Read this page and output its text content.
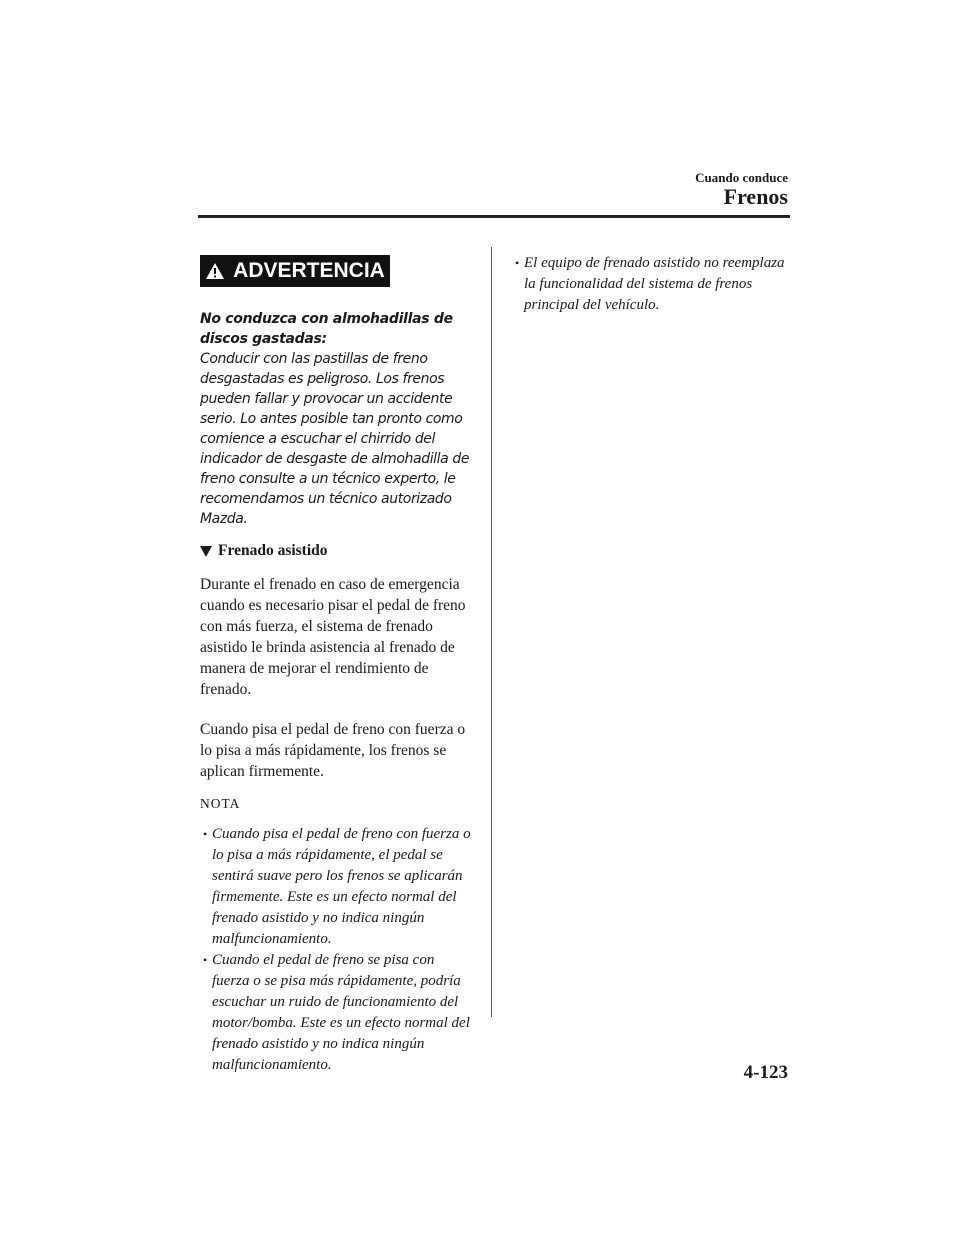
Cuando conduce
Frenos
ADVERTENCIA
No conduzca con almohadillas de discos gastadas:

Conducir con las pastillas de freno desgastadas es peligroso. Los frenos pueden fallar y provocar un accidente serio. Lo antes posible tan pronto como comience a escuchar el chirrido del indicador de desgaste de almohadilla de freno consulte a un técnico experto, le recomendamos un técnico autorizado Mazda.

Frenado asistido

Durante el frenado en caso de emergencia cuando es necesario pisar el pedal de freno con más fuerza, el sistema de frenado asistido le brinda asistencia al frenado de manera de mejorar el rendimiento de frenado.

Cuando pisa el pedal de freno con fuerza o lo pisa a más rápidamente, los frenos se aplican firmemente.

NOTA
• Cuando pisa el pedal de freno con fuerza o lo pisa a más rápidamente, el pedal se sentirá suave pero los frenos se aplicarán firmemente. Este es un efecto normal del frenado asistido y no indica ningún malfuncionamiento.
• Cuando el pedal de freno se pisa con fuerza o se pisa más rápidamente, podría escuchar un ruido de funcionamiento del motor/bomba. Este es un efecto normal del frenado asistido y no indica ningún malfuncionamiento.
• El equipo de frenado asistido no reemplaza la funcionalidad del sistema de frenos principal del vehículo.
4-123
